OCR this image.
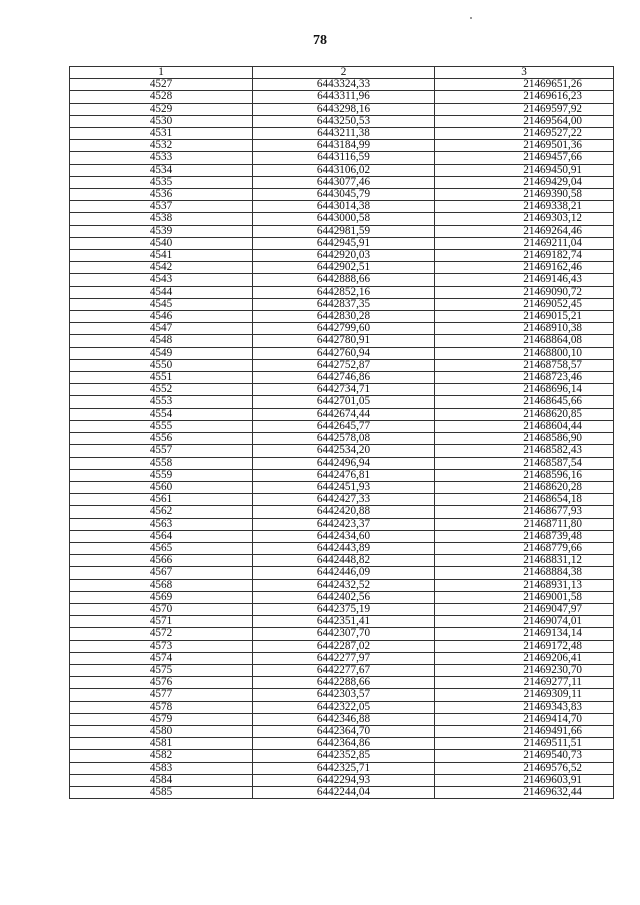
78
1	2	3
4527	6443324,33	21469651,26
4528	6443311,96	21469616,23
4529	6443298,16	21469597,92
4530	6443250,53	21469564,00
4531	6443211,38	21469527,22
4532	6443184,99	21469501,36
4533	6443116,59	21469457,66
4534	6443106,02	21469450,91
4535	6443077,46	21469429,04
4536	6443045,79	21469390,58
4537	6443014,38	21469338,21
4538	6443000,58	21469303,12
4539	6442981,59	21469264,46
4540	6442945,91	21469211,04
4541	6442920,03	21469182,74
4542	6442902,51	21469162,46
4543	6442888,66	21469146,43
4544	6442852,16	21469090,72
4545	6442837,35	21469052,45
4546	6442830,28	21469015,21
4547	6442799,60	21468910,38
4548	6442780,91	21468864,08
4549	6442760,94	21468800,10
4550	6442752,87	21468758,57
4551	6442746,86	21468723,46
4552	6442734,71	21468696,14
4553	6442701,05	21468645,66
4554	6442674,44	21468620,85
4555	6442645,77	21468604,44
4556	6442578,08	21468586,90
4557	6442534,20	21468582,43
4558	6442496,94	21468587,54
4559	6442476,81	21468596,16
4560	6442451,93	21468620,28
4561	6442427,33	21468654,18
4562	6442420,88	21468677,93
4563	6442423,37	21468711,80
4564	6442434,60	21468739,48
4565	6442443,89	21468779,66
4566	6442448,82	21468831,12
4567	6442446,09	21468884,38
4568	6442432,52	21468931,13
4569	6442402,56	21469001,58
4570	6442375,19	21469047,97
4571	6442351,41	21469074,01
4572	6442307,70	21469134,14
4573	6442287,02	21469172,48
4574	6442277,97	21469206,41
4575	6442277,67	21469230,70
4576	6442288,66	21469277,11
4577	6442303,57	21469309,11
4578	6442322,05	21469343,83
4579	6442346,88	21469414,70
4580	6442364,70	21469491,66
4581	6442364,86	21469511,51
4582	6442352,85	21469540,73
4583	6442325,71	21469576,52
4584	6442294,93	21469603,91
4585	6442244,04	21469632,44
